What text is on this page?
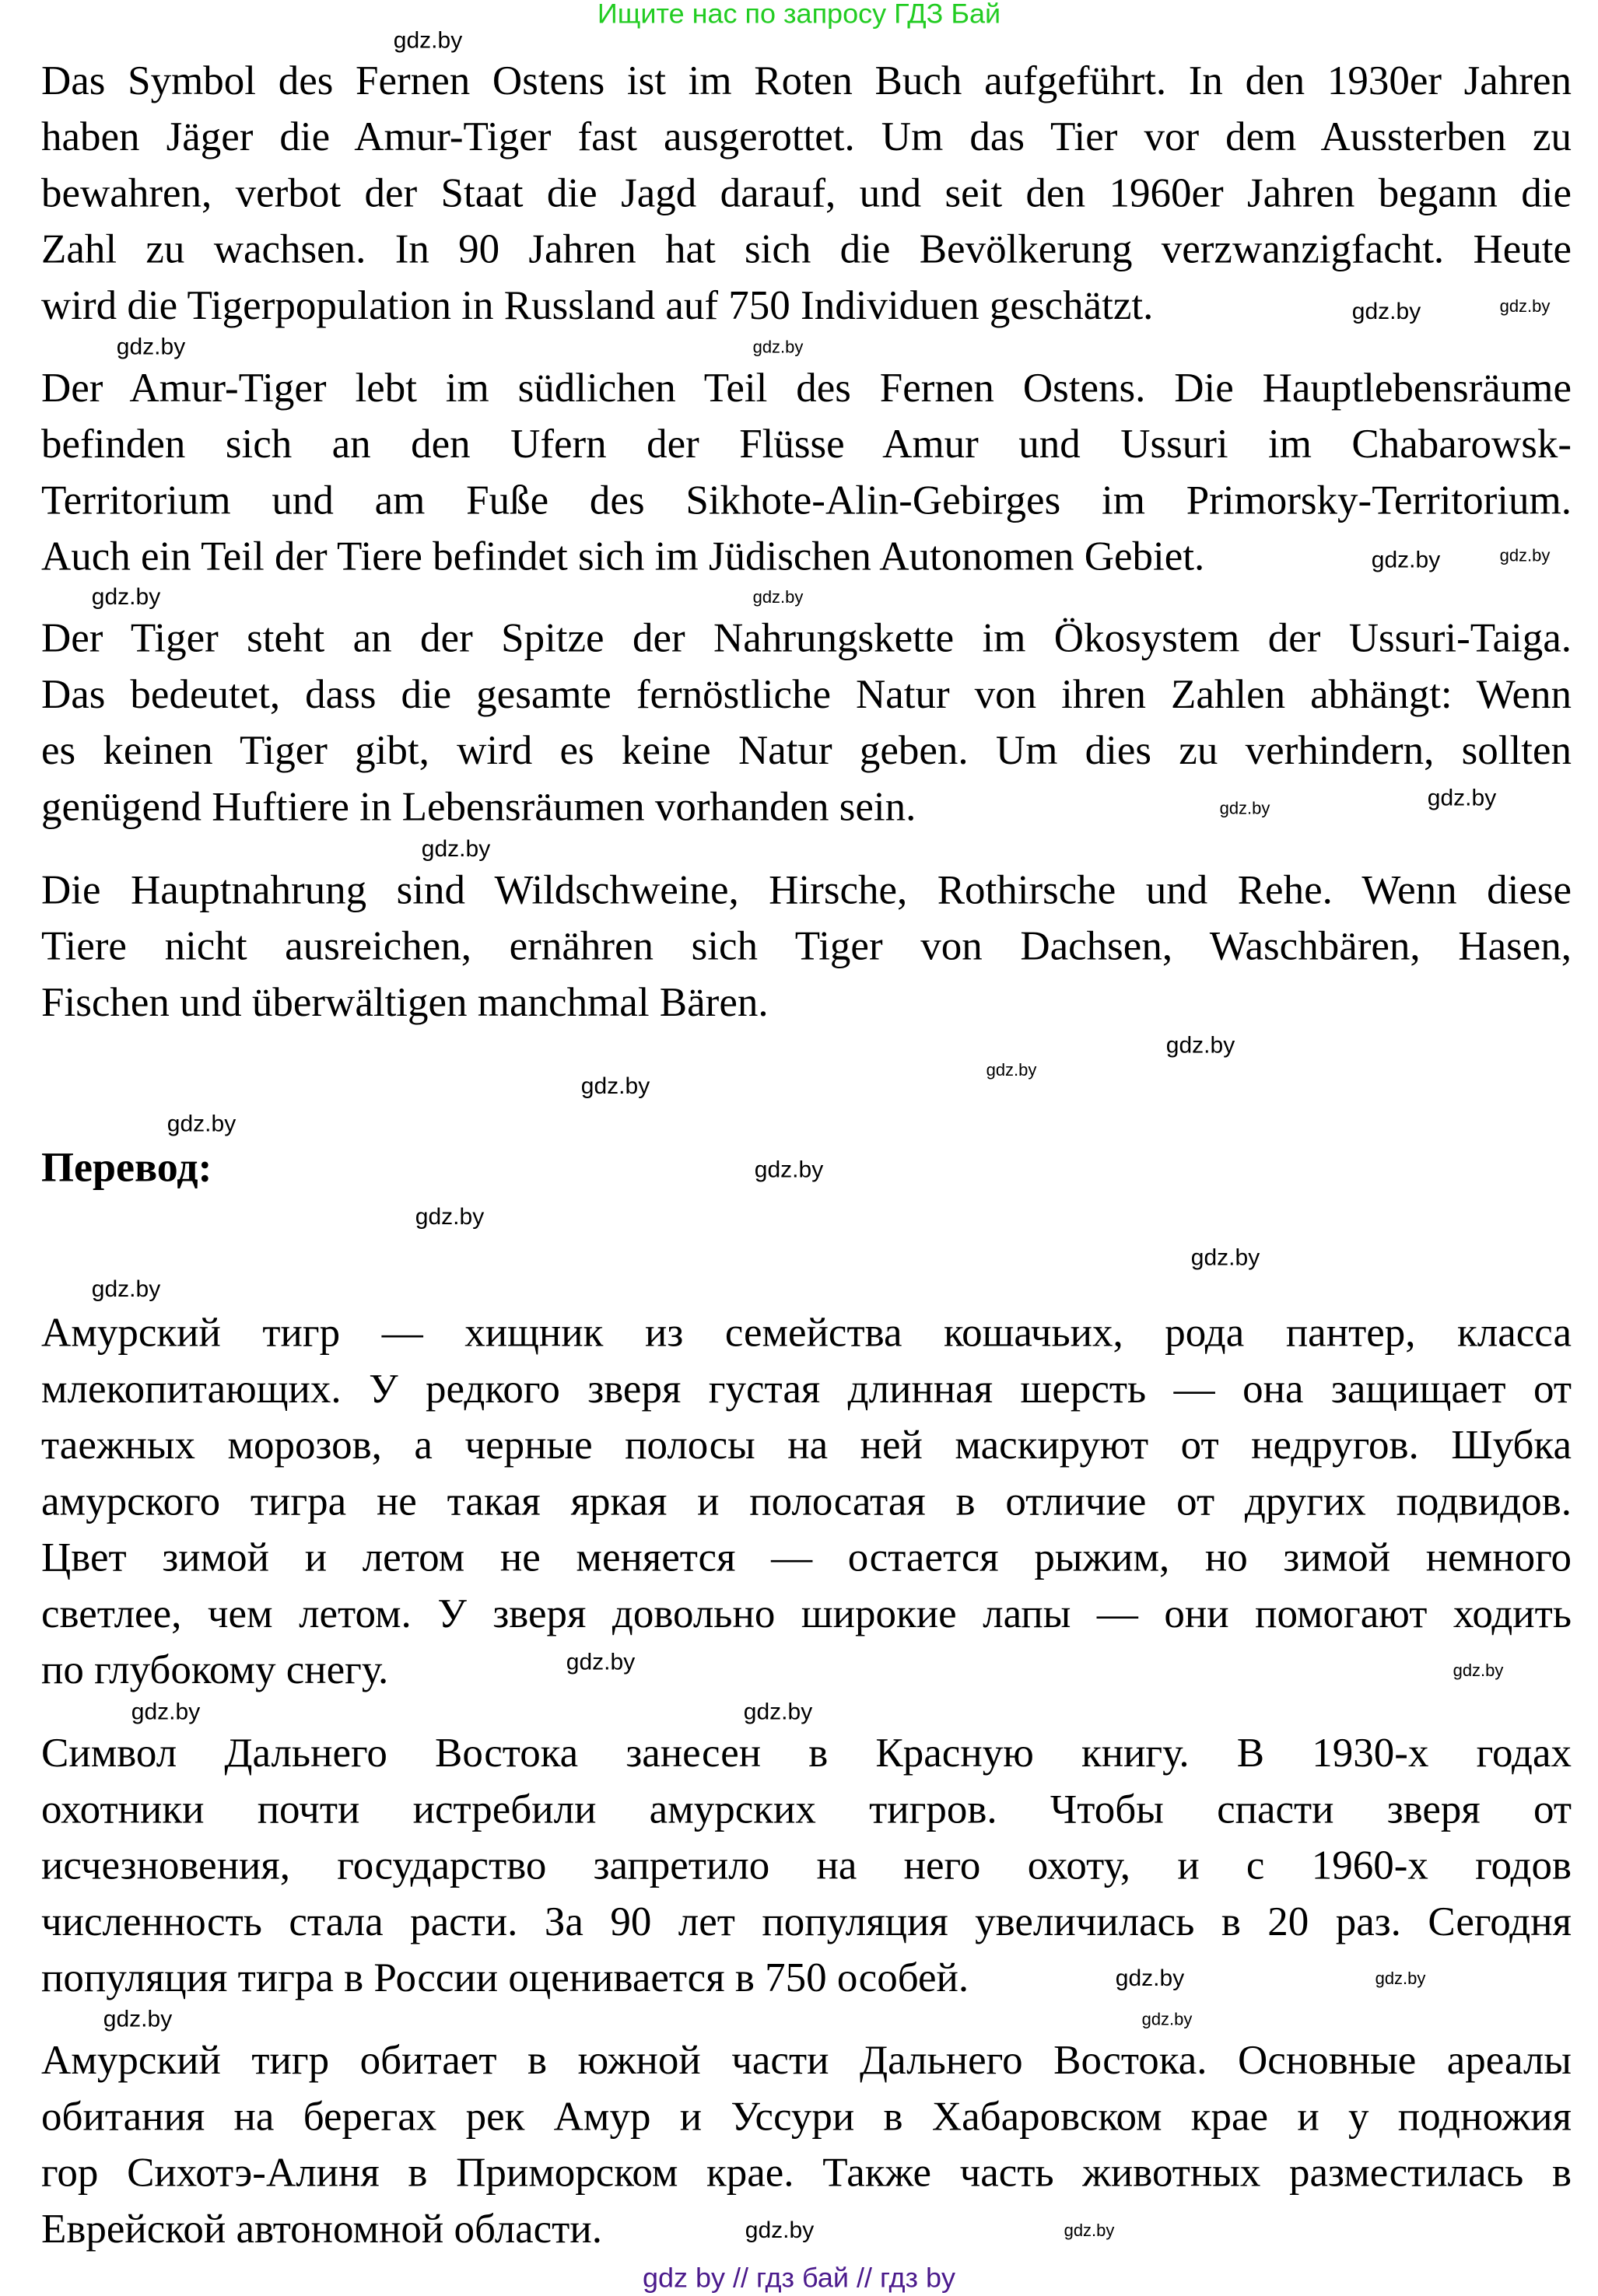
Ищите нас по запросу ГДЗ Бай
Das Symbol des Fernen Ostens ist im Roten Buch aufgeführt. In den 1930er Jahren
haben Jäger die Amur-Tiger fast ausgerottet. Um das Tier vor dem Aussterben zu
bewahren, verbot der Staat die Jagd darauf, und seit den 1960er Jahren begann die
Zahl zu wachsen. In 90 Jahren hat sich die Bevölkerung verzwanzigfacht. Heute
wird die Tigerpopulation in Russland auf 750 Individuen geschätzt.
Der Amur-Tiger lebt im südlichen Teil des Fernen Ostens. Die Hauptlebensräume
befinden sich an den Ufern der Flüsse Amur und Ussuri im Chabarowsk-
Territorium und am Fuße des Sikhote-Alin-Gebirges im Primorsky-Territorium.
Auch ein Teil der Tiere befindet sich im Jüdischen Autonomen Gebiet.
Der Tiger steht an der Spitze der Nahrungskette im Ökosystem der Ussuri-Taiga.
Das bedeutet, dass die gesamte fernöstliche Natur von ihren Zahlen abhängt: Wenn
es keinen Tiger gibt, wird es keine Natur geben. Um dies zu verhindern, sollten
genügend Huftiere in Lebensräumen vorhanden sein.
Die Hauptnahrung sind Wildschweine, Hirsche, Rothirsche und Rehe. Wenn diese
Tiere nicht ausreichen, ernähren sich Tiger von Dachsen, Waschbären, Hasen,
Fischen und überwältigen manchmal Bären.
Перевод:
Амурский тигр — хищник из семейства кошачьих, рода пантер, класса
млекопитающих. У редкого зверя густая длинная шерсть — она защищает от
таежных морозов, а черные полосы на ней маскируют от недругов. Шубка
амурского тигра не такая яркая и полосатая в отличие от других подвидов.
Цвет зимой и летом не меняется — остается рыжим, но зимой немного
светлее, чем летом. У зверя довольно широкие лапы — они помогают ходить
по глубокому снегу.
Символ Дальнего Востока занесен в Красную книгу. В 1930-х годах
охотники почти истребили амурских тигров. Чтобы спасти зверя от
исчезновения, государство запретило на него охоту, и с 1960-х годов
численность стала расти. За 90 лет популяция увеличилась в 20 раз. Сегодня
популяция тигра в России оценивается в 750 особей.
Амурский тигр обитает в южной части Дальнего Востока. Основные ареалы
обитания на берегах рек Амур и Уссури в Хабаровском крае и у подножия
гор Сихотэ-Алиня в Приморском крае. Также часть животных разместилась в
Еврейской автономной области.
gdz.by
gdz.by
gdz.by
gdz.by
gdz.by
gdz.by
gdz.by
gdz.by
gdz.by
gdz.by	gdz.by
gdz.by
gdz.by
gdz.by
gdz.by
gdz.by
gdz.by
gdz.by
gdz.by
gdz.by
gdz.by
gdz.by
gdz.by
gdz.by
gdz.by
gdz.by
gdz.by	gdz.by
gdz.by
gdz.by
gdz by // гдз бай // гдз by
